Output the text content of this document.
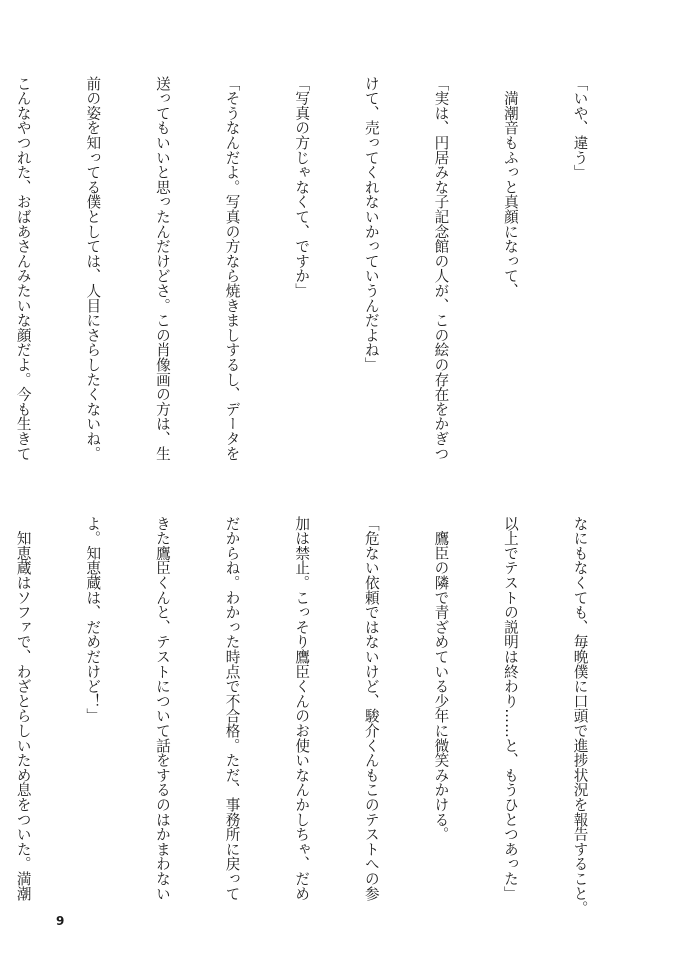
「いや、違う」

　満潮音もふっと真顔になって、

「実は、円居みな子記念館の人が、この絵の存在をかぎつ

けて、売ってくれないかっていうんだよね」

「写真の方じゃなくて、ですか」

「そうなんだよ。写真の方なら焼きましするし、データを

送ってもいいと思ったんだけどさ。この肖像画の方は、生

前の姿を知ってる僕としては、人目にさらしたくないね。

こんなやつれた、おばあさんみたいな顔だよ。今も生きて

なにもなくても、毎晩僕に口頭で進捗状況を報告すること。

以上でテストの説明は終わり……と、もうひとつあった」

　鷹臣の隣で青ざめている少年に微笑みかける。

「危ない依頼ではないけど、駿介くんもこのテストへの参

加は禁止。こっそり鷹臣くんのお使いなんかしちゃ、だめ

だからね。わかった時点で不合格。ただ、事務所に戻って

きた鷹臣くんと、テストについて話をするのはかまわない

よ。知恵蔵は、だめだけど！」

　知恵蔵はソファで、わざとらしいため息をついた。満潮

9
